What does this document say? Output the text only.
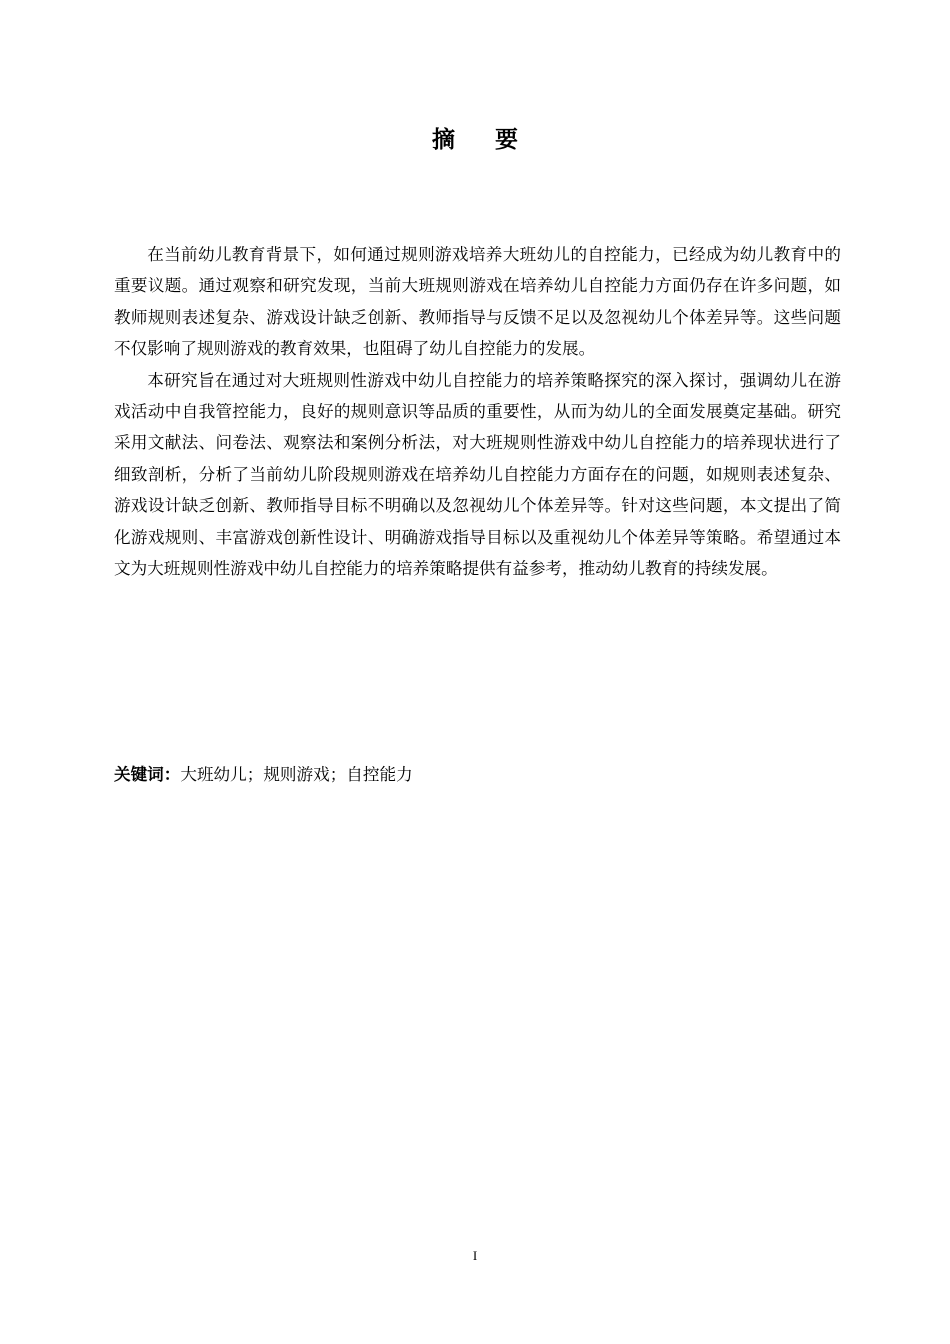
摘 要

在当前幼儿教育背景下，如何通过规则游戏培养大班幼儿的自控能力，已经成为幼儿教育中的重要议题。通过观察和研究发现，当前大班规则游戏在培养幼儿自控能力方面仍存在许多问题，如教师规则表述复杂、游戏设计缺乏创新、教师指导与反馈不足以及忽视幼儿个体差异等。这些问题不仅影响了规则游戏的教育效果，也阻碍了幼儿自控能力的发展。

本研究旨在通过对大班规则性游戏中幼儿自控能力的培养策略探究的深入探讨，强调幼儿在游戏活动中自我管控能力，良好的规则意识等品质的重要性，从而为幼儿的全面发展奠定基础。研究采用文献法、问卷法、观察法和案例分析法，对大班规则性游戏中幼儿自控能力的培养现状进行了细致剖析，分析了当前幼儿阶段规则游戏在培养幼儿自控能力方面存在的问题，如规则表述复杂、游戏设计缺乏创新、教师指导目标不明确以及忽视幼儿个体差异等。针对这些问题，本文提出了简化游戏规则、丰富游戏创新性设计、明确游戏指导目标以及重视幼儿个体差异等策略。希望通过本文为大班规则性游戏中幼儿自控能力的培养策略提供有益参考，推动幼儿教育的持续发展。

关键词：大班幼儿；规则游戏；自控能力
I
